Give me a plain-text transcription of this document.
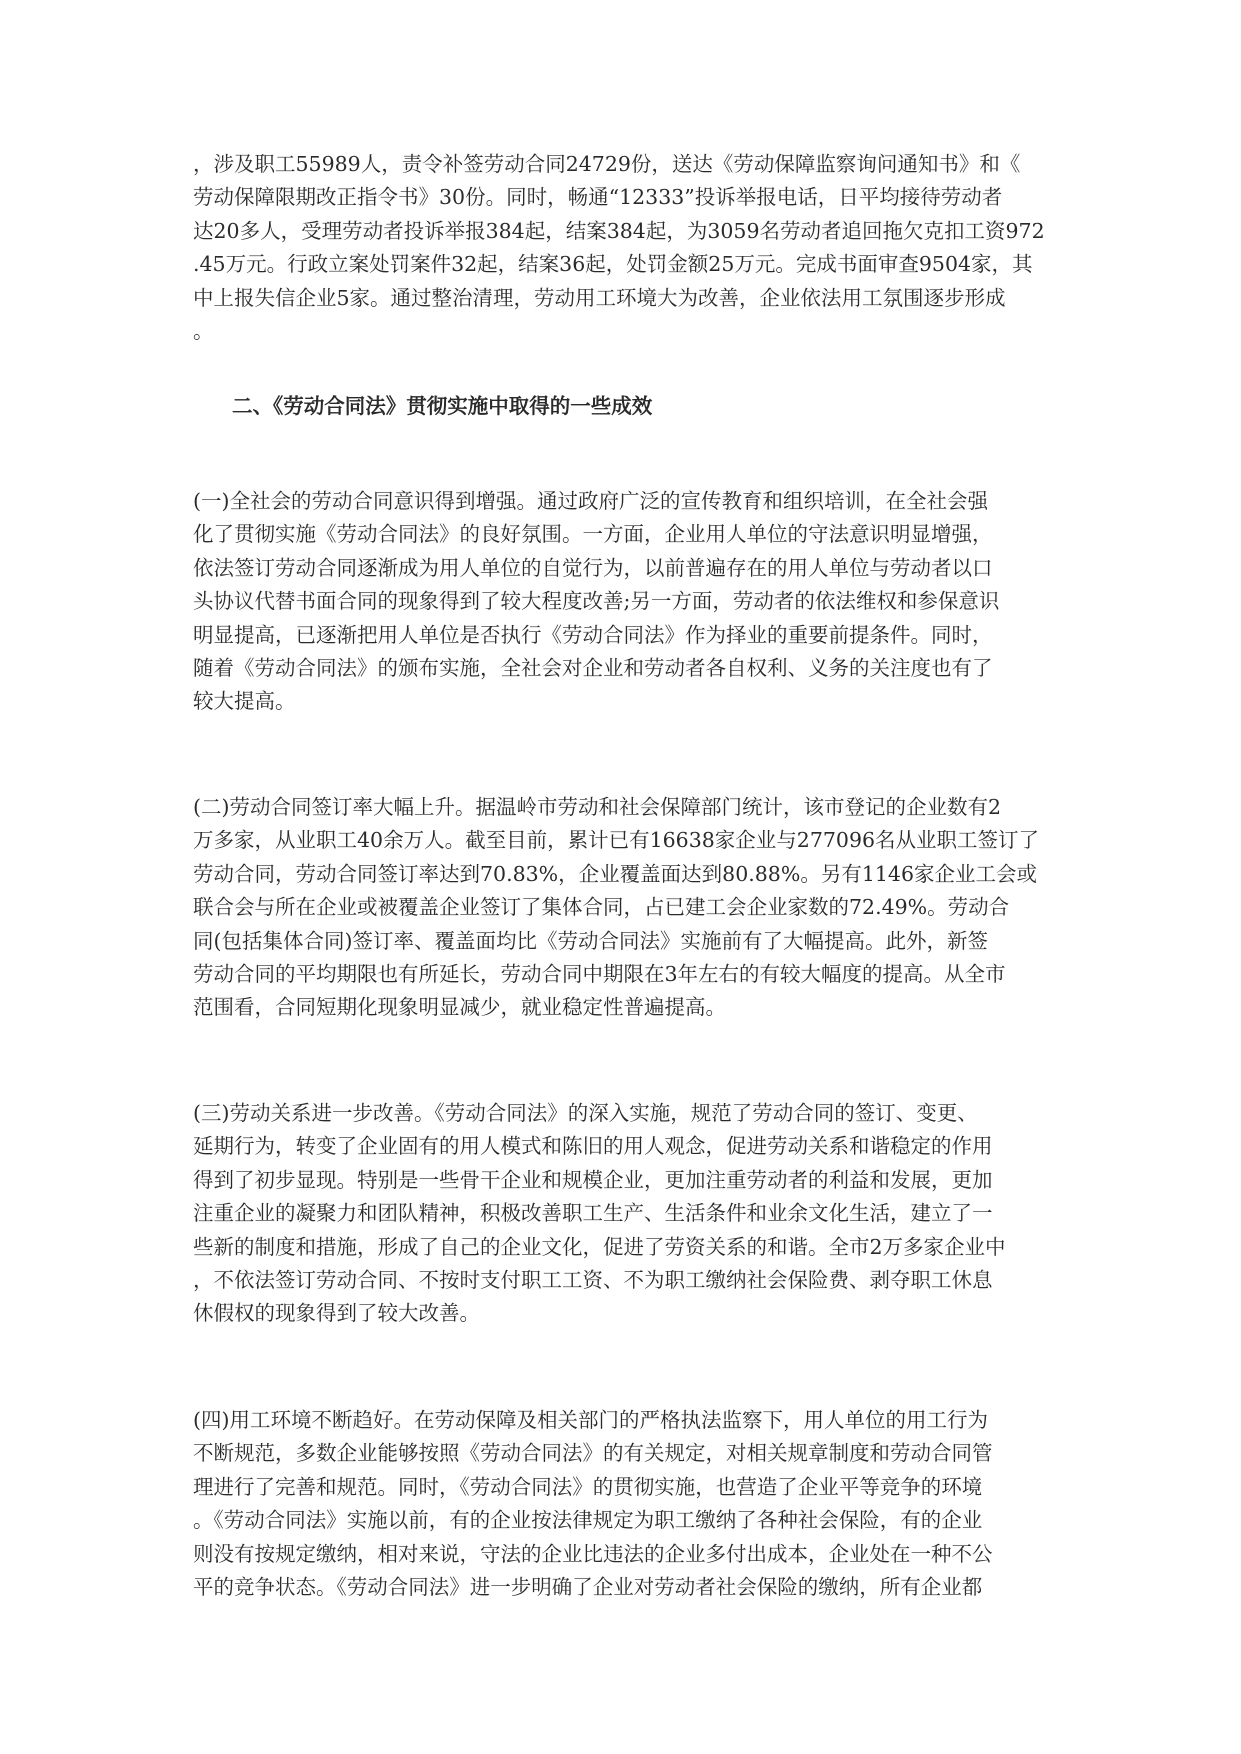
，涉及职工55989人，责令补签劳动合同24729份，送达《劳动保障监察询问通知书》和《
劳动保障限期改正指令书》30份。同时，畅通“12333”投诉举报电话，日平均接待劳动者
达20多人，受理劳动者投诉举报384起，结案384起，为3059名劳动者追回拖欠克扣工资972
.45万元。行政立案处罚案件32起，结案36起，处罚金额25万元。完成书面审查9504家，其
中上报失信企业5家。通过整治清理，劳动用工环境大为改善，企业依法用工氛围逐步形成
。
二、《劳动合同法》贯彻实施中取得的一些成效
(一)全社会的劳动合同意识得到增强。通过政府广泛的宣传教育和组织培训，在全社会强
化了贯彻实施《劳动合同法》的良好氛围。一方面，企业用人单位的守法意识明显增强，
依法签订劳动合同逐渐成为用人单位的自觉行为，以前普遍存在的用人单位与劳动者以口
头协议代替书面合同的现象得到了较大程度改善;另一方面，劳动者的依法维权和参保意识
明显提高，已逐渐把用人单位是否执行《劳动合同法》作为择业的重要前提条件。同时，
随着《劳动合同法》的颁布实施，全社会对企业和劳动者各自权利、义务的关注度也有了
较大提高。
(二)劳动合同签订率大幅上升。据温岭市劳动和社会保障部门统计，该市登记的企业数有2
万多家，从业职工40余万人。截至目前，累计已有16638家企业与277096名从业职工签订了
劳动合同，劳动合同签订率达到70.83%，企业覆盖面达到80.88%。另有1146家企业工会或
联合会与所在企业或被覆盖企业签订了集体合同，占已建工会企业家数的72.49%。劳动合
同(包括集体合同)签订率、覆盖面均比《劳动合同法》实施前有了大幅提高。此外，新签
劳动合同的平均期限也有所延长，劳动合同中期限在3年左右的有较大幅度的提高。从全市
范围看，合同短期化现象明显减少，就业稳定性普遍提高。
(三)劳动关系进一步改善。《劳动合同法》的深入实施，规范了劳动合同的签订、变更、
延期行为，转变了企业固有的用人模式和陈旧的用人观念，促进劳动关系和谐稳定的作用
得到了初步显现。特别是一些骨干企业和规模企业，更加注重劳动者的利益和发展，更加
注重企业的凝聚力和团队精神，积极改善职工生产、生活条件和业余文化生活，建立了一
些新的制度和措施，形成了自己的企业文化，促进了劳资关系的和谐。全市2万多家企业中
，不依法签订劳动合同、不按时支付职工工资、不为职工缴纳社会保险费、剥夺职工休息
休假权的现象得到了较大改善。
(四)用工环境不断趋好。在劳动保障及相关部门的严格执法监察下，用人单位的用工行为
不断规范，多数企业能够按照《劳动合同法》的有关规定，对相关规章制度和劳动合同管
理进行了完善和规范。同时，《劳动合同法》的贯彻实施，也营造了企业平等竞争的环境
。《劳动合同法》实施以前，有的企业按法律规定为职工缴纳了各种社会保险，有的企业
则没有按规定缴纳，相对来说，守法的企业比违法的企业多付出成本，企业处在一种不公
平的竞争状态。《劳动合同法》进一步明确了企业对劳动者社会保险的缴纳，所有企业都
